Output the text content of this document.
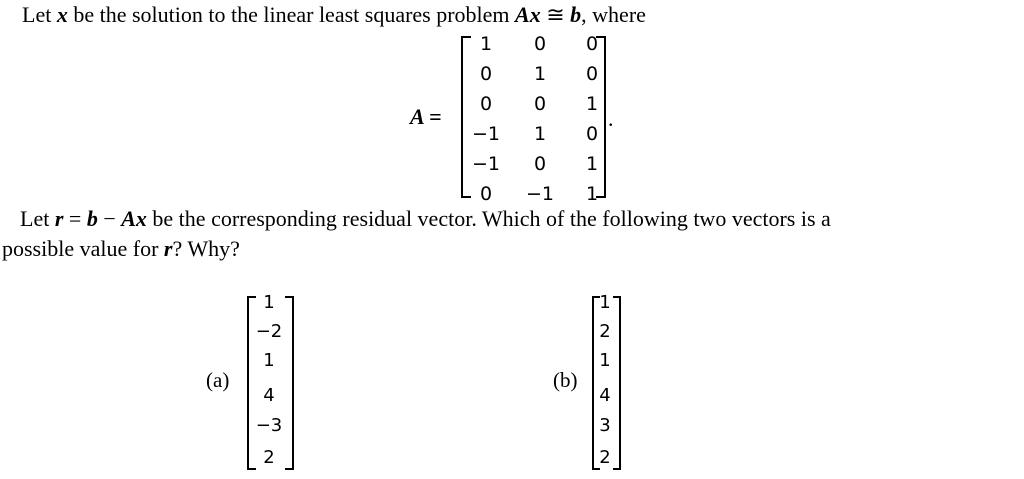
Let x be the solution to the linear least squares problem Ax ≅ b, where
A =
1	0	0
0	1	0
0	0	1
−1	1	0
−1	0	1
0	−1	1
.
Let r = b − Ax be the corresponding residual vector. Which of the following two vectors is a
possible value for r? Why?
(a)
1
−2
1
4
−3
2
(b)
1
2
1
4
3
2
